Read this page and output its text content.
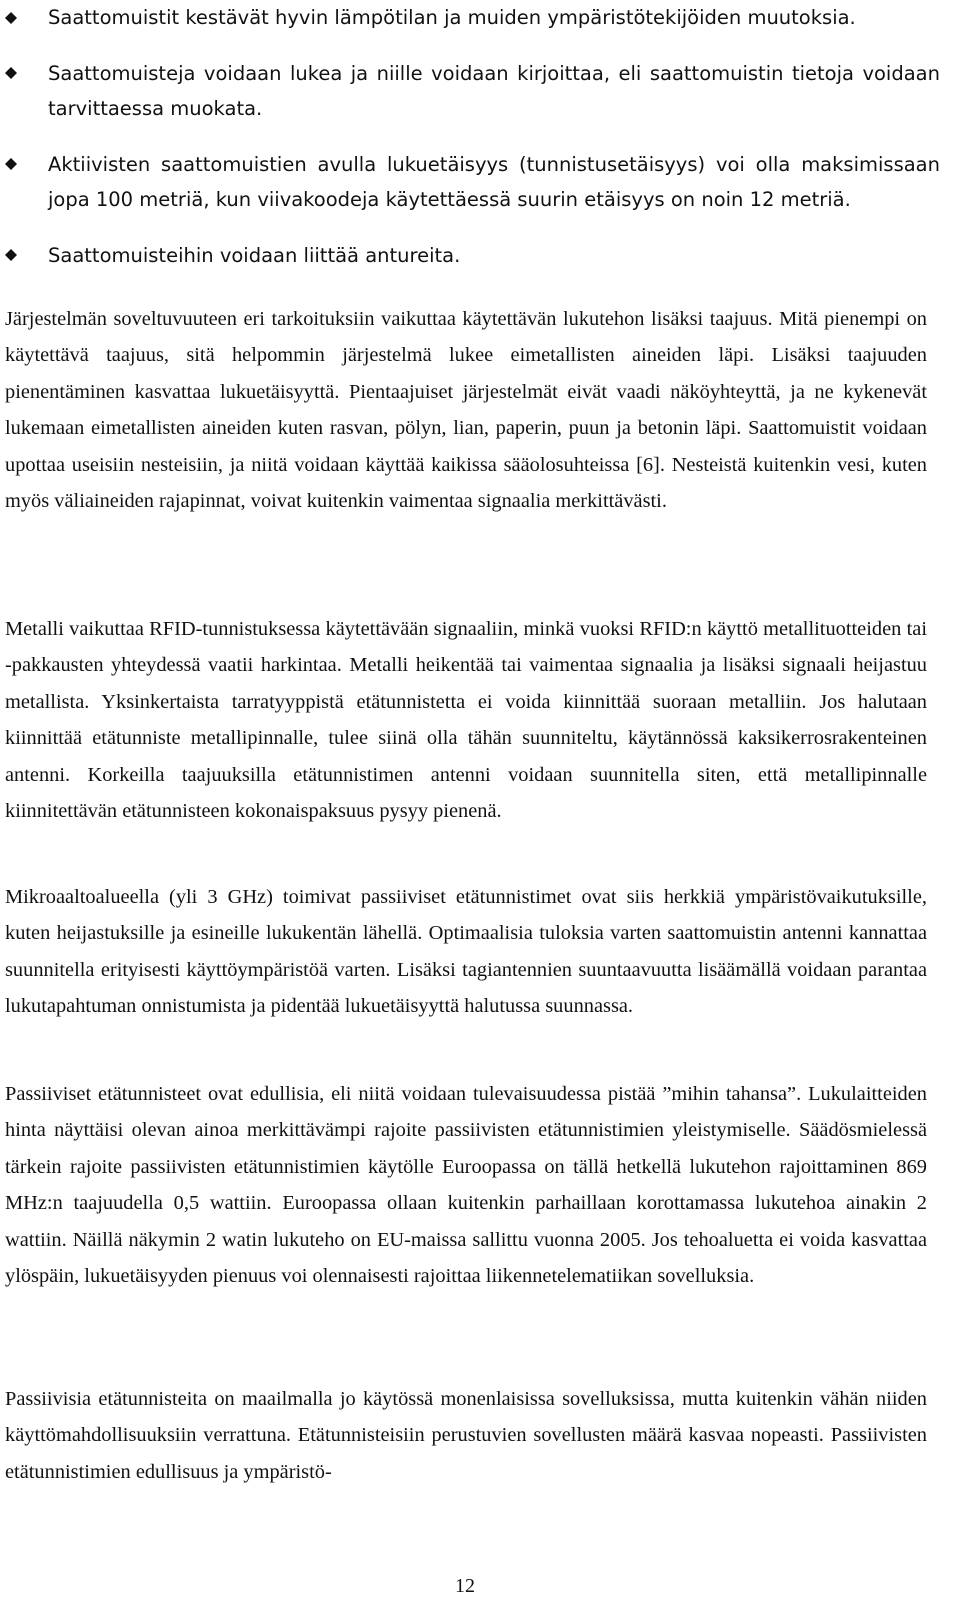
Saattomuistit kestävät hyvin lämpötilan ja muiden ympäristötekijöiden muutoksia.
Saattomuisteja voidaan lukea ja niille voidaan kirjoittaa, eli saattomuistin tietoja voidaan tarvittaessa muokata.
Aktiivisten saattomuistien avulla lukuetäisyys (tunnistusetäisyys) voi olla maksimissaan jopa 100 metriä, kun viivakoodeja käytettäessä suurin etäisyys on noin 12 metriä.
Saattomuisteihin voidaan liittää antureita.

Järjestelmän soveltuvuuteen eri tarkoituksiin vaikuttaa käytettävän lukutehon lisäksi taajuus. Mitä pienempi on käytettävä taajuus, sitä helpommin järjestelmä lukee eimetallisten aineiden läpi. Lisäksi taajuuden pienentäminen kasvattaa lukuetäisyyttä. Pientaajuiset järjestelmät eivät vaadi näköyhteyttä, ja ne kykenevät lukemaan eimetallisten aineiden kuten rasvan, pölyn, lian, paperin, puun ja betonin läpi. Saattomuistit voidaan upottaa useisiin nesteisiin, ja niitä voidaan käyttää kaikissa sääolosuhteissa [6]. Nesteistä kuitenkin vesi, kuten myös väliaineiden rajapinnat, voivat kuitenkin vaimentaa signaalia merkittävästi.

Metalli vaikuttaa RFID-tunnistuksessa käytettävään signaaliin, minkä vuoksi RFID:n käyttö metallituotteiden tai -pakkausten yhteydessä vaatii harkintaa. Metalli heikentää tai vaimentaa signaalia ja lisäksi signaali heijastuu metallista. Yksinkertaista tarratyyppistä etätunnistetta ei voida kiinnittää suoraan metalliin. Jos halutaan kiinnittää etätunniste metallipinnalle, tulee siinä olla tähän suunniteltu, käytännössä kaksikerrosrakenteinen antenni. Korkeilla taajuuksilla etätunnistimen antenni voidaan suunnitella siten, että metallipinnalle kiinnitettävän etätunnisteen kokonaispaksuus pysyy pienenä.

Mikroaaltoalueella (yli 3 GHz) toimivat passiiviset etätunnistimet ovat siis herkkiä ympäristövaikutuksille, kuten heijastuksille ja esineille lukukentän lähellä. Optimaalisia tuloksia varten saattomuistin antenni kannattaa suunnitella erityisesti käyttöympäristöä varten. Lisäksi tagiantennien suuntaavuutta lisäämällä voidaan parantaa lukutapahtuman onnistumista ja pidentää lukuetäisyyttä halutussa suunnassa.

Passiiviset etätunnisteet ovat edullisia, eli niitä voidaan tulevaisuudessa pistää ”mihin tahansa”. Lukulaitteiden hinta näyttäisi olevan ainoa merkittävämpi rajoite passiivisten etätunnistimien yleistymiselle. Säädösmielessä tärkein rajoite passiivisten etätunnistimien käytölle Euroopassa on tällä hetkellä lukutehon rajoittaminen 869 MHz:n taajuudella 0,5 wattiin. Euroopassa ollaan kuitenkin parhaillaan korottamassa lukutehoa ainakin 2 wattiin. Näillä näkymin 2 watin lukuteho on EU-maissa sallittu vuonna 2005. Jos tehoaluetta ei voida kasvattaa ylöspäin, lukuetäisyyden pienuus voi olennaisesti rajoittaa liikennetelematiikan sovelluksia.

Passiivisia etätunnisteita on maailmalla jo käytössä monenlaisissa sovelluksissa, mutta kuitenkin vähän niiden käyttömahdollisuuksiin verrattuna. Etätunnisteisiin perustuvien sovellusten määrä kasvaa nopeasti. Passiivisten etätunnistimien edullisuus ja ympäristö-

12
